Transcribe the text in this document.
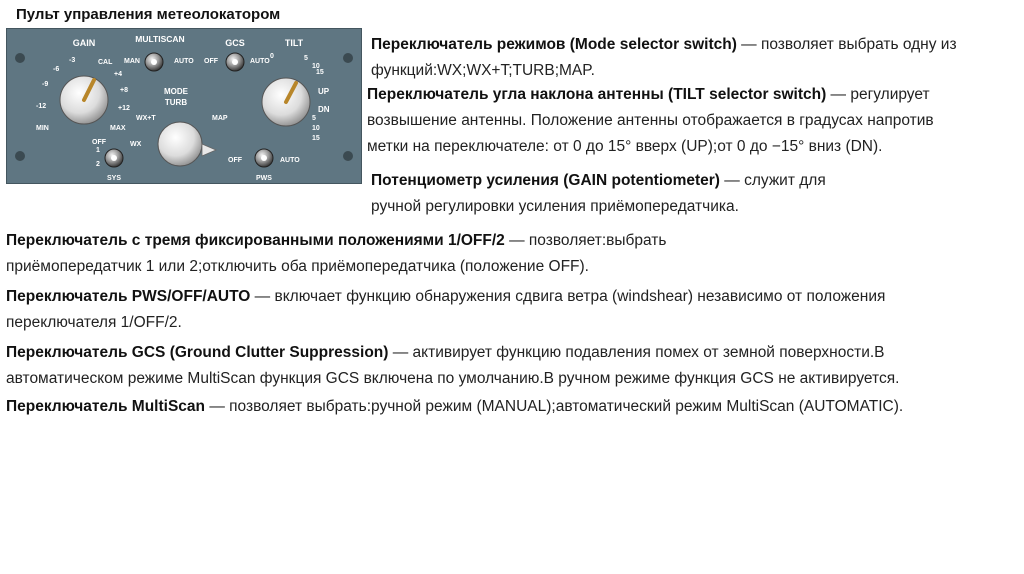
Пульт управления метеолокатором
GAIN
CAL
-3
-6
-9
-12
+4
+8
+12
MIN	MAX
MULTISCAN
MAN	AUTO
GCS
OFF	AUTO
TILT
0	5
10
15
5
10
15
UP
DN
MODE
TURB
WX
WX+T	MAP
OFF
1
2
SYS
OFF	AUTO
PWS
Переключатель режимов (Mode selector switch) — позволяет выбрать одну из
функций:WX;WX+T;TURB;MAP.
Переключатель угла наклона антенны (TILT selector switch) — регулирует
возвышение антенны. Положение антенны отображается в градусах напротив
метки на переключателе: от 0 до 15° вверх (UP);от 0 до −15° вниз (DN).
Потенциометр усиления (GAIN potentiometer) — служит для
ручной регулировки усиления приёмопередатчика.
Переключатель с тремя фиксированными положениями 1/OFF/2 — позволяет:выбрать
приёмопередатчик 1 или 2;отключить оба приёмопередатчика (положение OFF).
Переключатель PWS/OFF/AUTO — включает функцию обнаружения сдвига ветра (windshear) независимо от положения
переключателя 1/OFF/2.
Переключатель GCS (Ground Clutter Suppression) — активирует функцию подавления помех от земной поверхности.В
автоматическом режиме MultiScan функция GCS включена по умолчанию.В ручном режиме функция GCS не активируется.
Переключатель MultiScan — позволяет выбрать:ручной режим (MANUAL);автоматический режим MultiScan (AUTOMATIC).
